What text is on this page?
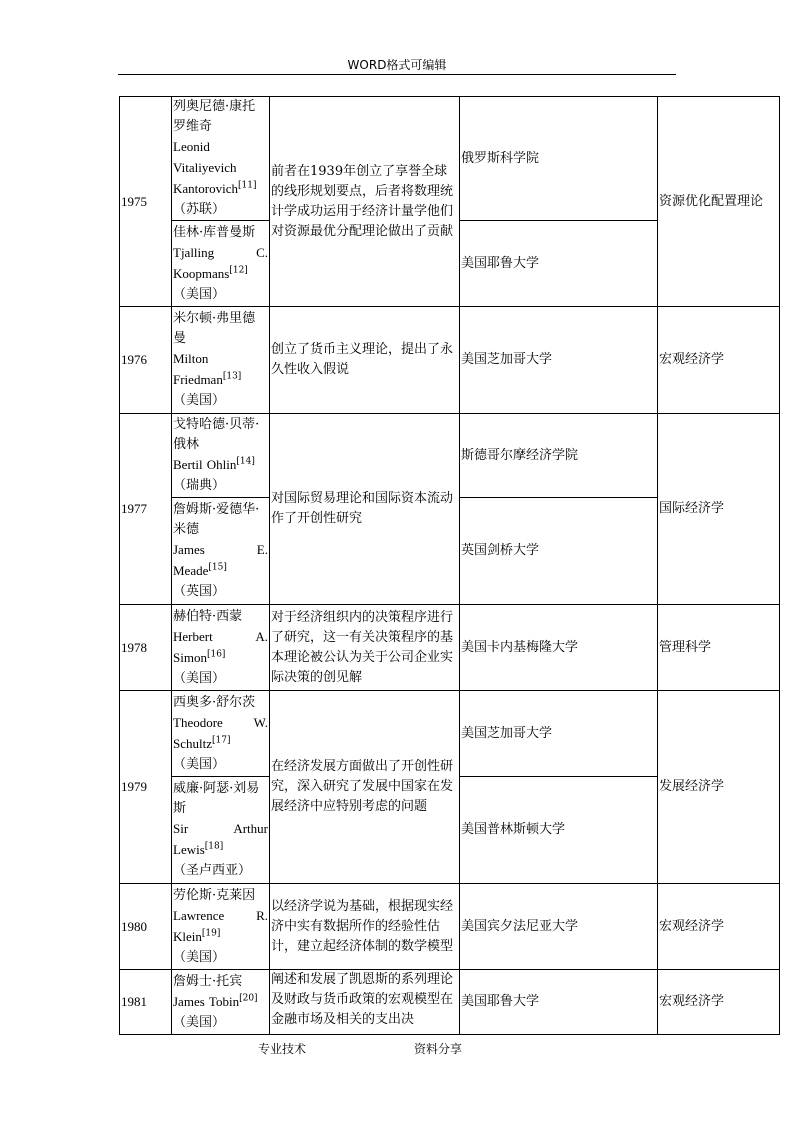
WORD格式可编辑
1975	列奥尼德·康托罗维奇
Leonid
Vitaliyevich
Kantorovich[11]
（苏联）	前者在1939年创立了享誉全球的线形规划要点，后者将数理统计学成功运用于经济计量学他们对资源最优分配理论做出了贡献	俄罗斯科学院	资源优化配置理论
	佳林·库普曼斯
Tjalling C.

Koopmans[12]
（美国）		美国耶鲁大学	
1976	米尔顿·弗里德曼
Milton
Friedman[13]
（美国）	创立了货币主义理论，提出了永久性收入假说	美国芝加哥大学	宏观经济学
1977	戈特哈德·贝蒂·俄林
Bertil Ohlin[14]
（瑞典）	对国际贸易理论和国际资本流动作了开创性研究	斯德哥尔摩经济学院	国际经济学
	詹姆斯·爱德华·米德
James E.

Meade[15]
（英国）		英国剑桥大学	
1978	赫伯特·西蒙
Herbert A.

Simon[16]
（美国）	对于经济组织内的决策程序进行了研究，这一有关决策程序的基本理论被公认为关于公司企业实际决策的创见解	美国卡内基梅隆大学	管理科学
1979	西奥多·舒尔茨
Theodore W.

Schultz[17]
（美国）	在经济发展方面做出了开创性研究，深入研究了发展中国家在发展经济中应特别考虑的问题	美国芝加哥大学	发展经济学
	威廉·阿瑟·刘易斯
Sir Arthur

Lewis[18]
（圣卢西亚）		美国普林斯顿大学	
1980	劳伦斯·克莱因
Lawrence R.

Klein[19]
（美国）	以经济学说为基础，根据现实经济中实有数据所作的经验性估计，建立起经济体制的数学模型	美国宾夕法尼亚大学	宏观经济学
1981	詹姆士·托宾
James Tobin[20]
（美国）	阐述和发展了凯恩斯的系列理论及财政与货币政策的宏观模型在金融市场及相关的支出决	美国耶鲁大学	宏观经济学
专业技术	资料分享
